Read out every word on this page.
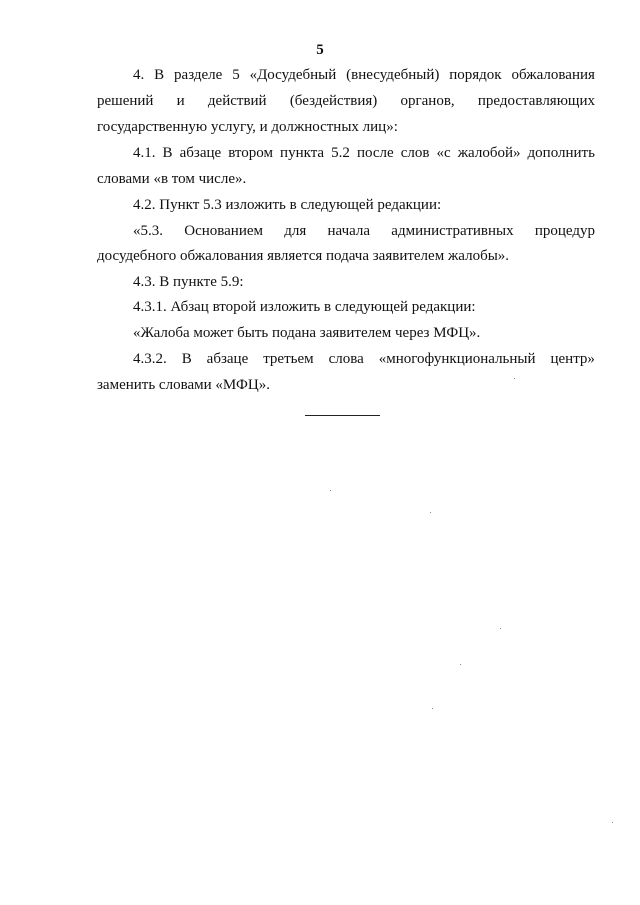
5
4. В разделе 5 «Досудебный (внесудебный) порядок обжалования
решений и действий (бездействия) органов, предоставляющих
государственную услугу, и должностных лиц»:
4.1. В абзаце втором пункта 5.2 после слов «с жалобой» дополнить
словами «в том числе».
4.2. Пункт 5.3 изложить в следующей редакции:
«5.3. Основанием для начала административных процедур
досудебного обжалования является подача заявителем жалобы».
4.3. В пункте 5.9:
4.3.1. Абзац второй изложить в следующей редакции:
«Жалоба может быть подана заявителем через МФЦ».
4.3.2. В абзаце третьем слова «многофункциональный центр»
заменить словами «МФЦ».
